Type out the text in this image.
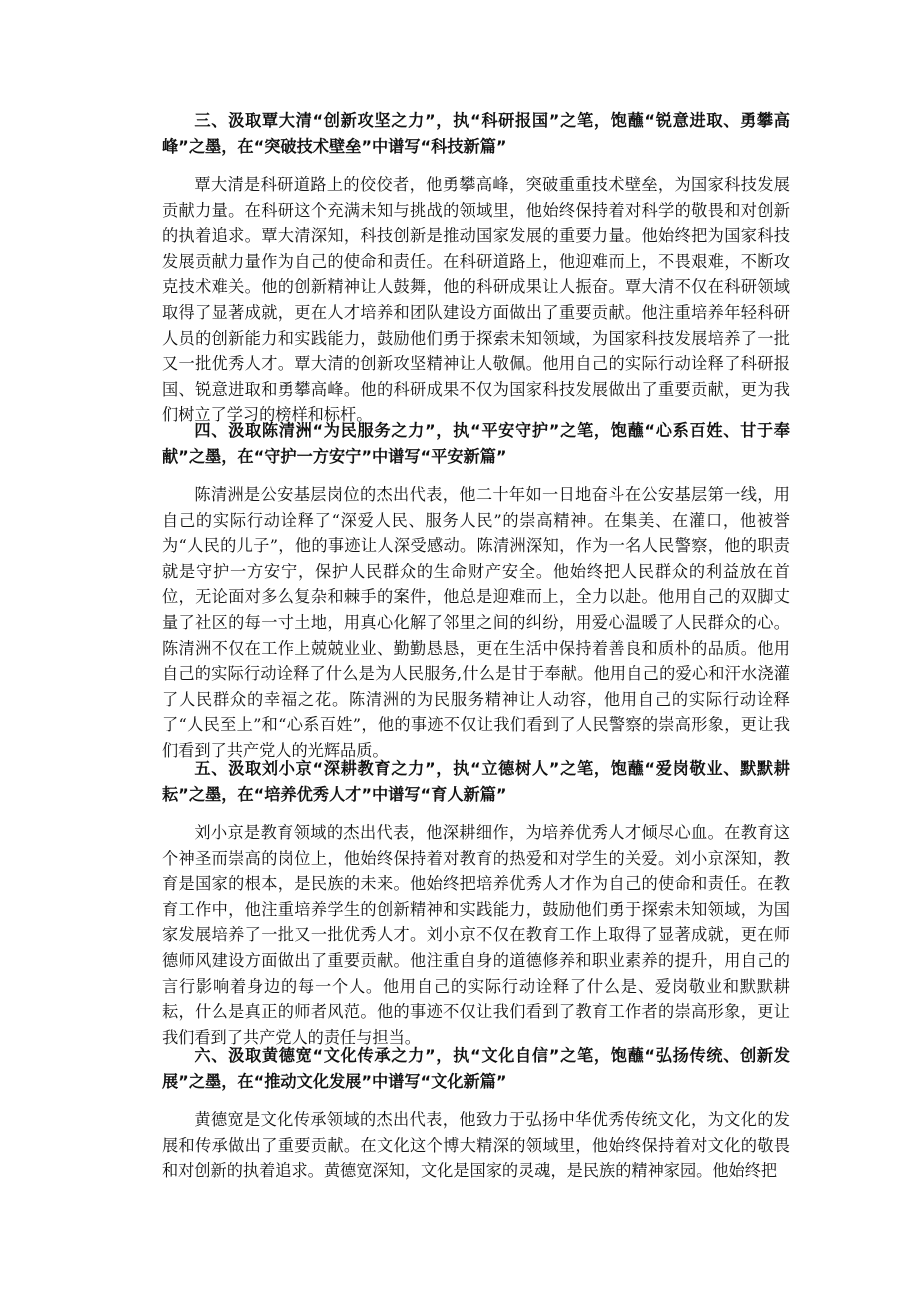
三、汲取覃大清“创新攻坚之力”，执“科研报国”之笔，饱蘸“锐意进取、勇攀高峰”之墨，在“突破技术壁垒”中谱写“科技新篇”

覃大清是科研道路上的佼佼者，他勇攀高峰，突破重重技术壁垒，为国家科技发展贡献力量。在科研这个充满未知与挑战的领域里，他始终保持着对科学的敬畏和对创新的执着追求。覃大清深知，科技创新是推动国家发展的重要力量。他始终把为国家科技发展贡献力量作为自己的使命和责任。在科研道路上，他迎难而上，不畏艰难，不断攻克技术难关。他的创新精神让人鼓舞，他的科研成果让人振奋。覃大清不仅在科研领域取得了显著成就，更在人才培养和团队建设方面做出了重要贡献。他注重培养年轻科研人员的创新能力和实践能力，鼓励他们勇于探索未知领域，为国家科技发展培养了一批又一批优秀人才。覃大清的创新攻坚精神让人敬佩。他用自己的实际行动诠释了科研报国、锐意进取和勇攀高峰。他的科研成果不仅为国家科技发展做出了重要贡献，更为我们树立了学习的榜样和标杆。

四、汲取陈清洲“为民服务之力”，执“平安守护”之笔，饱蘸“心系百姓、甘于奉献”之墨，在“守护一方安宁”中谱写“平安新篇”

陈清洲是公安基层岗位的杰出代表，他二十年如一日地奋斗在公安基层第一线，用自己的实际行动诠释了“深爱人民、服务人民”的崇高精神。在集美、在灌口，他被誉为“人民的儿子”，他的事迹让人深受感动。陈清洲深知，作为一名人民警察，他的职责就是守护一方安宁，保护人民群众的生命财产安全。他始终把人民群众的利益放在首位，无论面对多么复杂和棘手的案件，他总是迎难而上，全力以赴。他用自己的双脚丈量了社区的每一寸土地，用真心化解了邻里之间的纠纷，用爱心温暖了人民群众的心。陈清洲不仅在工作上兢兢业业、勤勤恳恳，更在生活中保持着善良和质朴的品质。他用自己的实际行动诠释了什么是为人民服务,什么是甘于奉献。他用自己的爱心和汗水浇灌了人民群众的幸福之花。陈清洲的为民服务精神让人动容，他用自己的实际行动诠释了“人民至上”和“心系百姓”，他的事迹不仅让我们看到了人民警察的崇高形象，更让我们看到了共产党人的光辉品质。

五、汲取刘小京“深耕教育之力”，执“立德树人”之笔，饱蘸“爱岗敬业、默默耕耘”之墨，在“培养优秀人才”中谱写“育人新篇”

刘小京是教育领域的杰出代表，他深耕细作，为培养优秀人才倾尽心血。在教育这个神圣而崇高的岗位上，他始终保持着对教育的热爱和对学生的关爱。刘小京深知，教育是国家的根本，是民族的未来。他始终把培养优秀人才作为自己的使命和责任。在教育工作中，他注重培养学生的创新精神和实践能力，鼓励他们勇于探索未知领域，为国家发展培养了一批又一批优秀人才。刘小京不仅在教育工作上取得了显著成就，更在师德师风建设方面做出了重要贡献。他注重自身的道德修养和职业素养的提升，用自己的言行影响着身边的每一个人。他用自己的实际行动诠释了什么是、爱岗敬业和默默耕耘，什么是真正的师者风范。他的事迹不仅让我们看到了教育工作者的崇高形象，更让我们看到了共产党人的责任与担当。

六、汲取黄德宽“文化传承之力”，执“文化自信”之笔，饱蘸“弘扬传统、创新发展”之墨，在“推动文化发展”中谱写“文化新篇”

黄德宽是文化传承领域的杰出代表，他致力于弘扬中华优秀传统文化，为文化的发展和传承做出了重要贡献。在文化这个博大精深的领域里，他始终保持着对文化的敬畏和对创新的执着追求。黄德宽深知，文化是国家的灵魂，是民族的精神家园。他始终把
